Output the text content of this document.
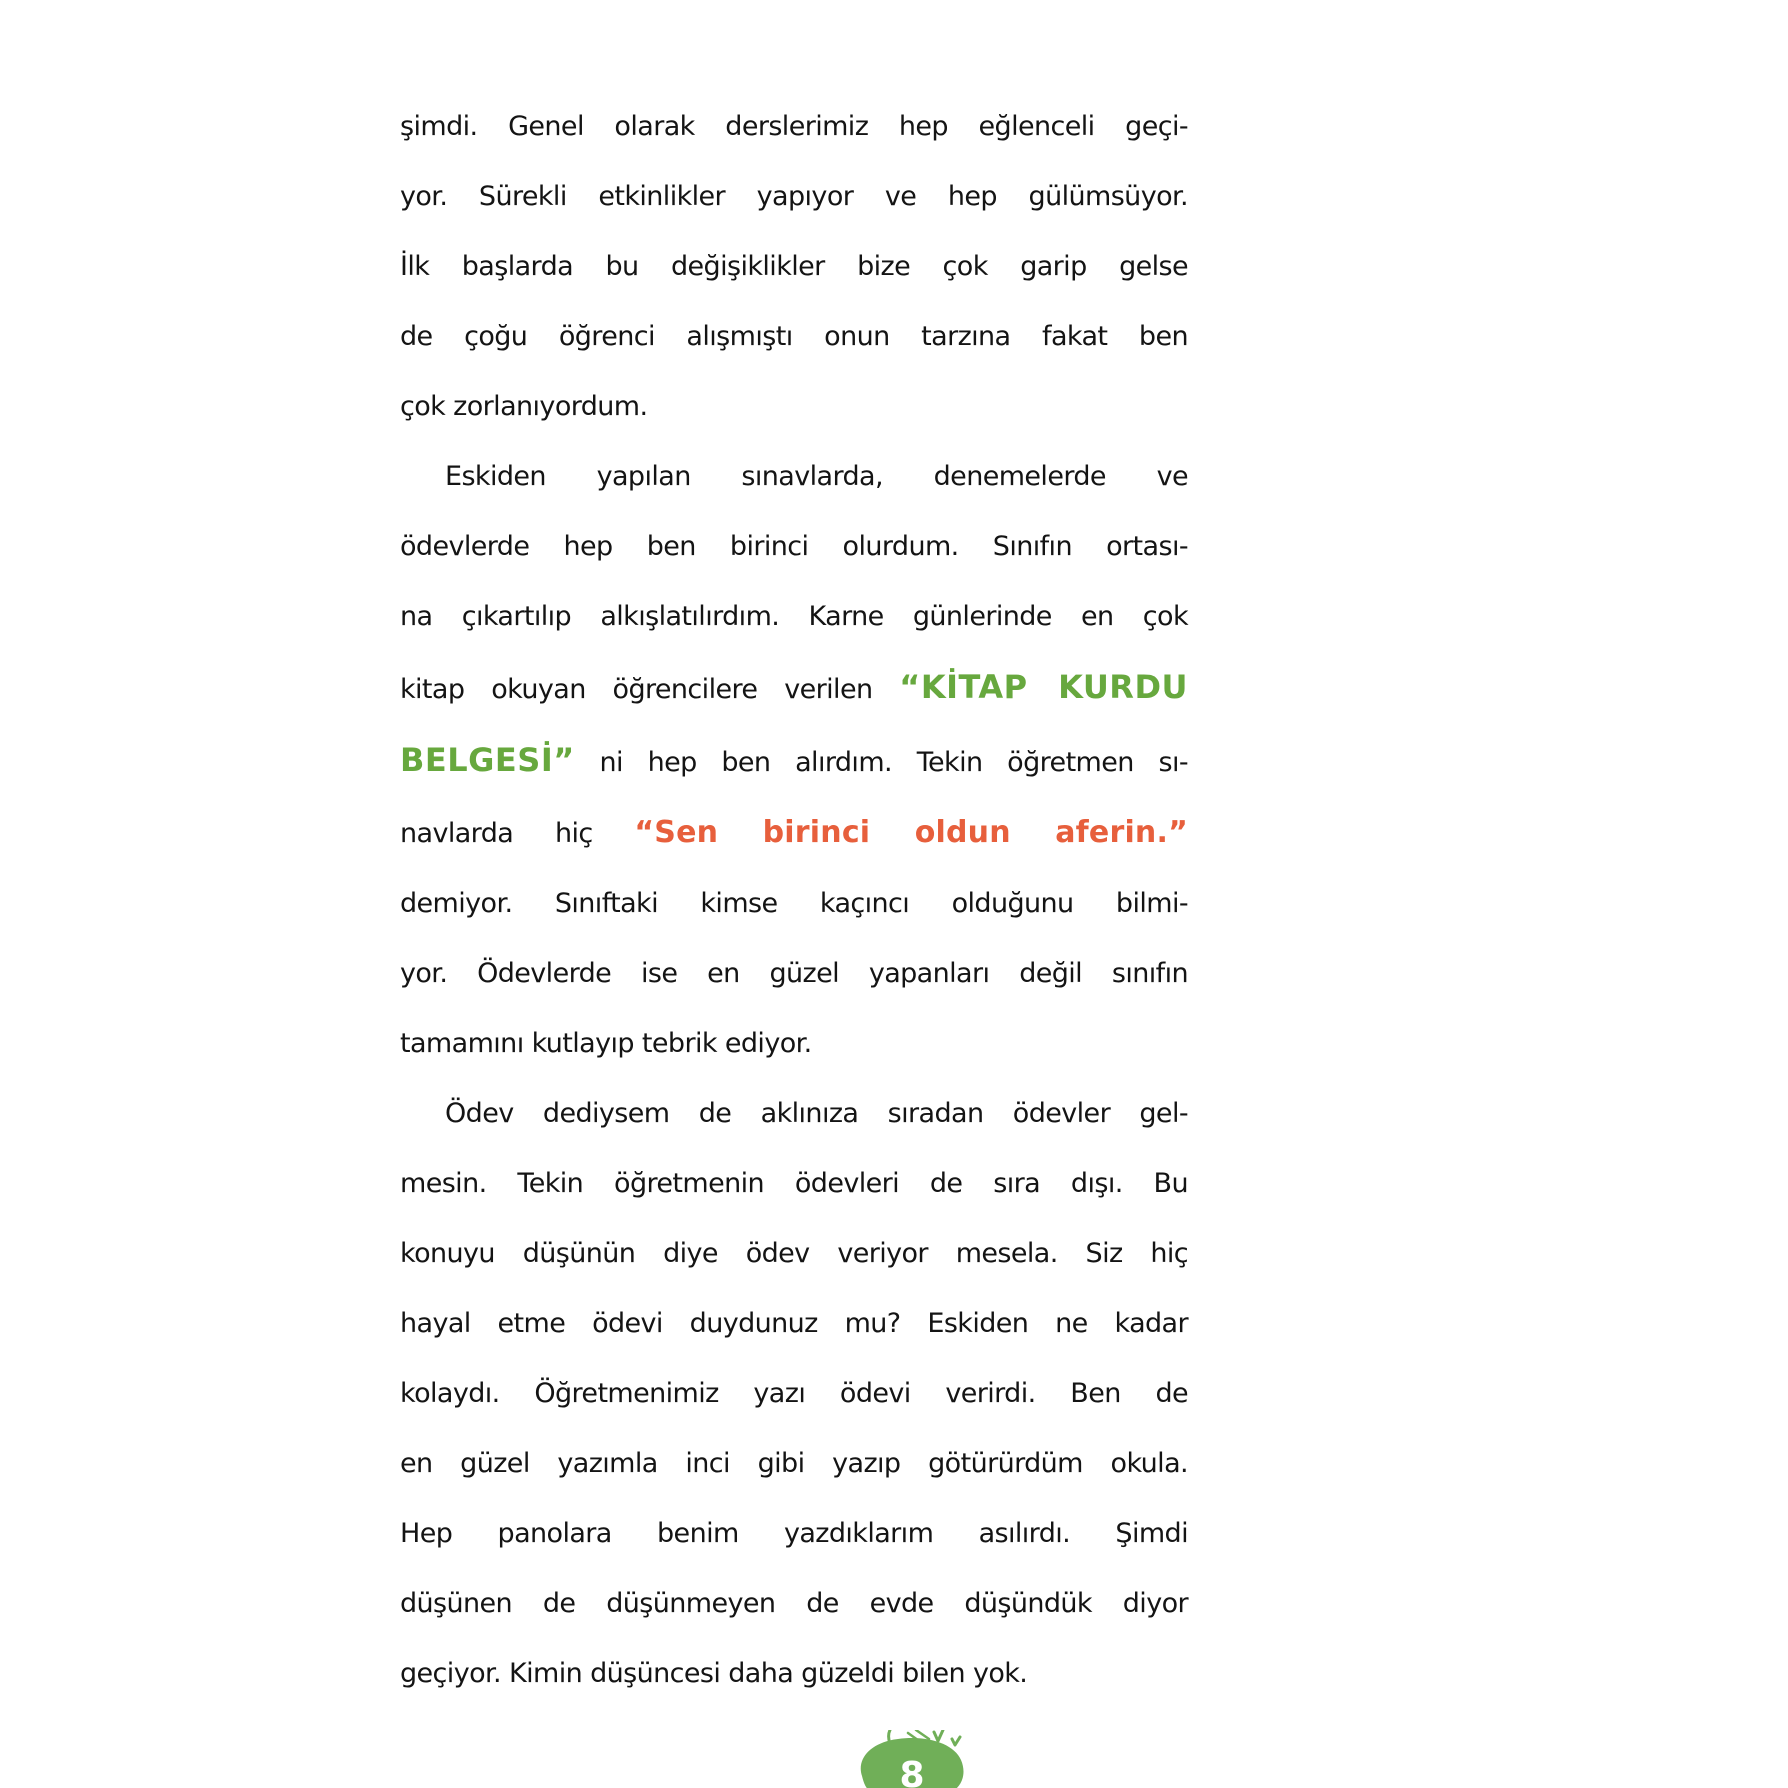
şimdi. Genel olarak derslerimiz hep eğlenceli geçi-
yor. Sürekli etkinlikler yapıyor ve hep gülümsüyor.
İlk başlarda bu değişiklikler bize çok garip gelse
de çoğu öğrenci alışmıştı onun tarzına fakat ben
çok zorlanıyordum.
Eskiden yapılan sınavlarda, denemelerde ve
ödevlerde hep ben birinci olurdum. Sınıfın ortası-
na çıkartılıp alkışlatılırdım. Karne günlerinde en çok
kitap okuyan öğrencilere verilen “KİTAP KURDU
BELGESİ” ni hep ben alırdım. Tekin öğretmen sı-
navlarda hiç “Sen birinci oldun aferin.”
demiyor. Sınıftaki kimse kaçıncı olduğunu bilmi-
yor. Ödevlerde ise en güzel yapanları değil sınıfın
tamamını kutlayıp tebrik ediyor.
Ödev dediysem de aklınıza sıradan ödevler gel-
mesin. Tekin öğretmenin ödevleri de sıra dışı. Bu
konuyu düşünün diye ödev veriyor mesela. Siz hiç
hayal etme ödevi duydunuz mu? Eskiden ne kadar
kolaydı. Öğretmenimiz yazı ödevi verirdi. Ben de
en güzel yazımla inci gibi yazıp götürürdüm okula.
Hep panolara benim yazdıklarım asılırdı. Şimdi
düşünen de düşünmeyen de evde düşündük diyor
geçiyor. Kimin düşüncesi daha güzeldi bilen yok.
8
